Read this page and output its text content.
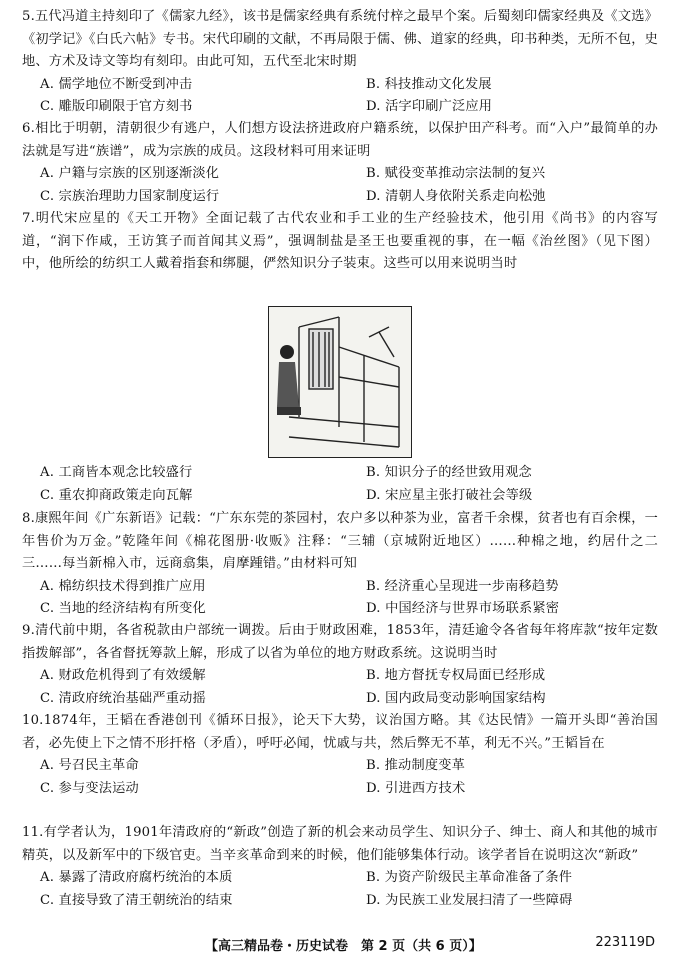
5.五代冯道主持刻印了《儒家九经》，该书是儒家经典有系统付梓之最早个案。后蜀刻印儒家经典及《文选》《初学记》《白氏六帖》专书。宋代印刷的文献，不再局限于儒、佛、道家的经典，印书种类，无所不包，史地、方术及诗文等均有刻印。由此可知，五代至北宋时期
A. 儒学地位不断受到冲击	B. 科技推动文化发展
C. 雕版印刷限于官方刻书	D. 活字印刷广泛应用
6.相比于明朝，清朝很少有逃户，人们想方设法挤进政府户籍系统，以保护田产科考。而“入户”最简单的办法就是写进“族谱”，成为宗族的成员。这段材料可用来证明
A. 户籍与宗族的区别逐渐淡化	B. 赋役变革推动宗法制的复兴
C. 宗族治理助力国家制度运行	D. 清朝人身依附关系走向松弛
7.明代宋应星的《天工开物》全面记载了古代农业和手工业的生产经验技术，他引用《尚书》的内容写道，“润下作咸，王访箕子而首闻其义焉”，强调制盐是圣王也要重视的事，在一幅《治丝图》（见下图）中，他所绘的纺织工人戴着指套和绑腿，俨然知识分子装束。这些可以用来说明当时
A. 工商皆本观念比较盛行	B. 知识分子的经世致用观念
C. 重农抑商政策走向瓦解	D. 宋应星主张打破社会等级
8.康熙年间《广东新语》记载：“广东东莞的茶园村，农户多以种茶为业，富者千余棵，贫者也有百余棵，一年售价为万金。”乾隆年间《棉花图册·收贩》注释：“三辅（京城附近地区）……种棉之地，约居什之二三……每当新棉入市，远商翕集，肩摩踵错。”由材料可知
A. 棉纺织技术得到推广应用	B. 经济重心呈现进一步南移趋势
C. 当地的经济结构有所变化	D. 中国经济与世界市场联系紧密
9.清代前中期，各省税款由户部统一调拨。后由于财政困难，1853年，清廷逾令各省每年将库款“按年定数指拨解部”，各省督抚筹款上解，形成了以省为单位的地方财政系统。这说明当时
A. 财政危机得到了有效缓解	B. 地方督抚专权局面已经形成
C. 清政府统治基础严重动摇	D. 国内政局变动影响国家结构
10.1874年，王韬在香港创刊《循环日报》，论天下大势，议治国方略。其《达民情》一篇开头即“善治国者，必先使上下之情不形扞格（矛盾），呼吁必闻，忧戚与共，然后弊无不革，利无不兴。”王韬旨在
A. 号召民主革命	B. 推动制度变革
C. 参与变法运动	D. 引进西方技术
11.有学者认为，1901年清政府的“新政”创造了新的机会来动员学生、知识分子、绅士、商人和其他的城市精英，以及新军中的下级官吏。当辛亥革命到来的时候，他们能够集体行动。该学者旨在说明这次“新政”
A. 暴露了清政府腐朽统治的本质	B. 为资产阶级民主革命准备了条件
C. 直接导致了清王朝统治的结束	D. 为民族工业发展扫清了一些障碍
【高三精品卷・历史试卷　第 2 页（共 6 页）】	223119D
